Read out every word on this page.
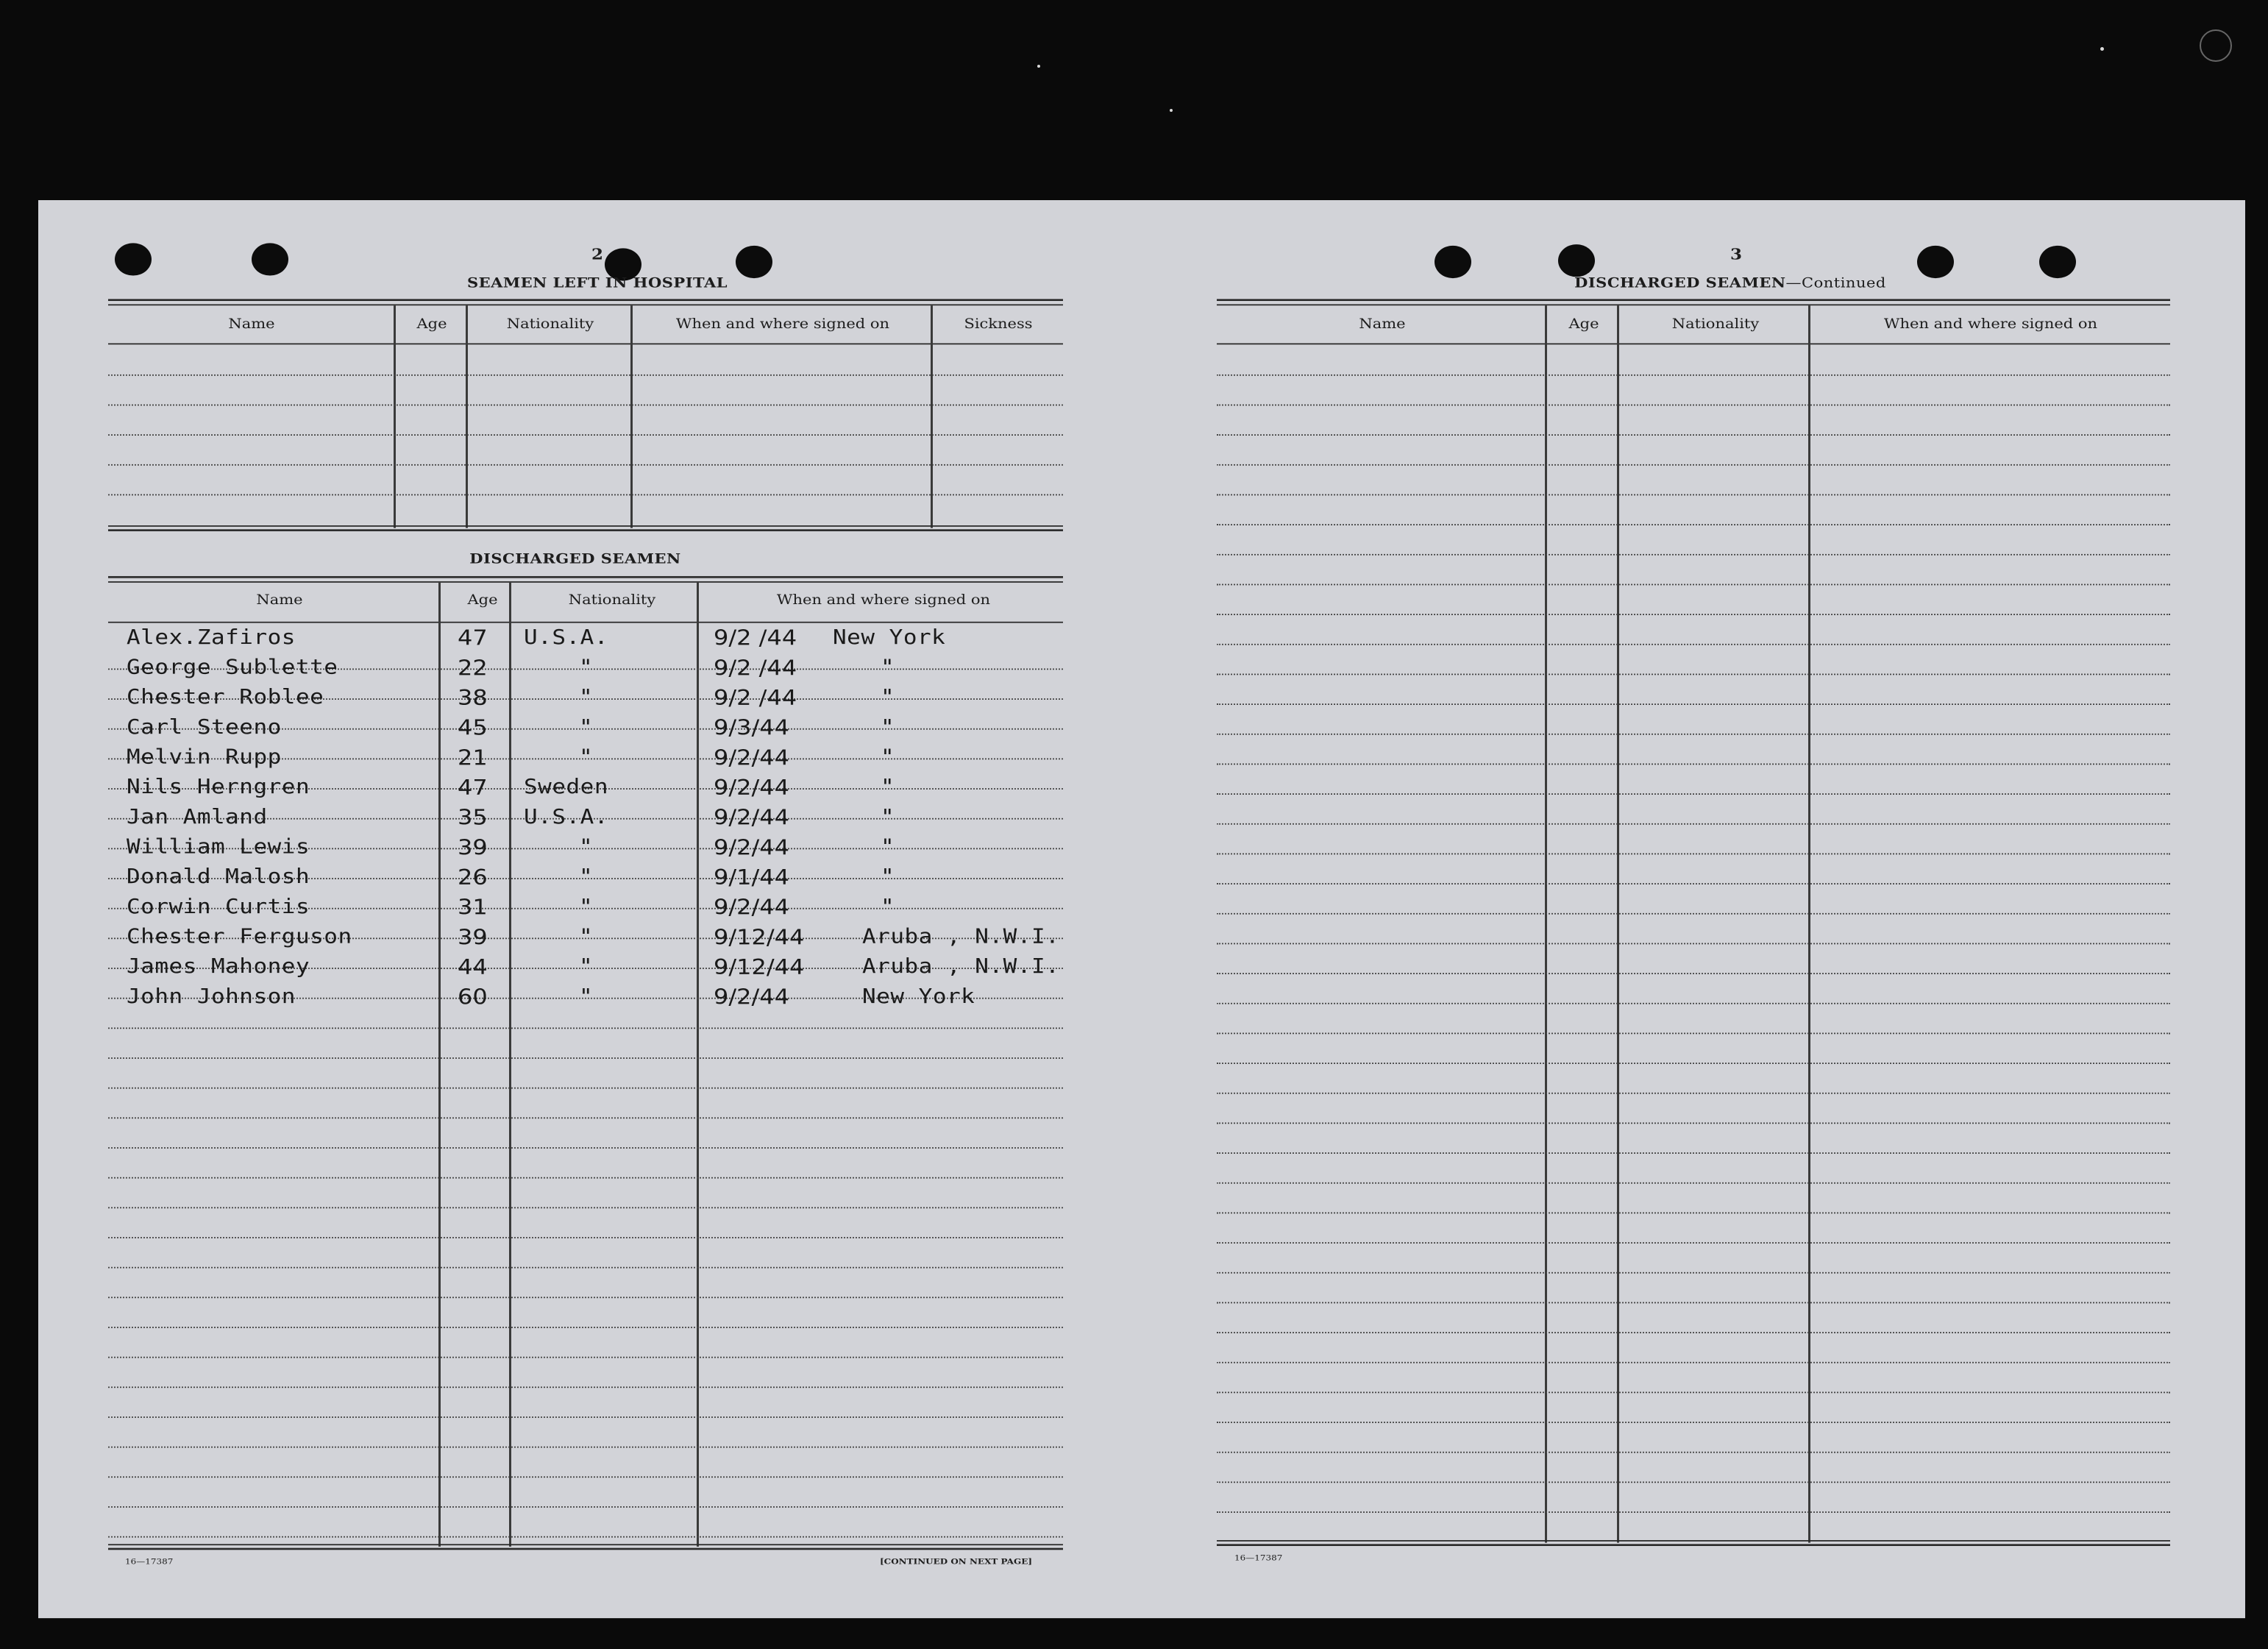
2
SEAMEN LEFT IN HOSPITAL
Name	Age	Nationality	When and where signed on	Sickness
DISCHARGED SEAMEN
Name	Age	Nationality	When and where signed on
Alex.Zafiros	47 U.S.A.	9/2 /44 New York
George Sublette	22	"	9/2 /44	"
Chester Roblee	38	"	9/2 /44	"
Carl Steeno	45	"	9/3/44	"
Melvin Rupp	21	"	9/2/44	"
Nils Herngren	47 Sweden	9/2/44	"
Jan Amland	35 U.S.A.	9/2/44	"
William Lewis	39	"	9/2/44	"
Donald Malosh	26	"	9/1/44	"
Corwin Curtis	31	"	9/2/44	"
Chester Ferguson	39	"	9/12/44	Aruba , N.W.I.
James Mahoney	44	"	9/12/44	Aruba , N.W.I.
John Johnson	60	"	9/2/44	New York
16—17387	[CONTINUED ON NEXT PAGE]
3
DISCHARGED SEAMEN—Continued
Name	Age	Nationality	When and where signed on
16—17387
